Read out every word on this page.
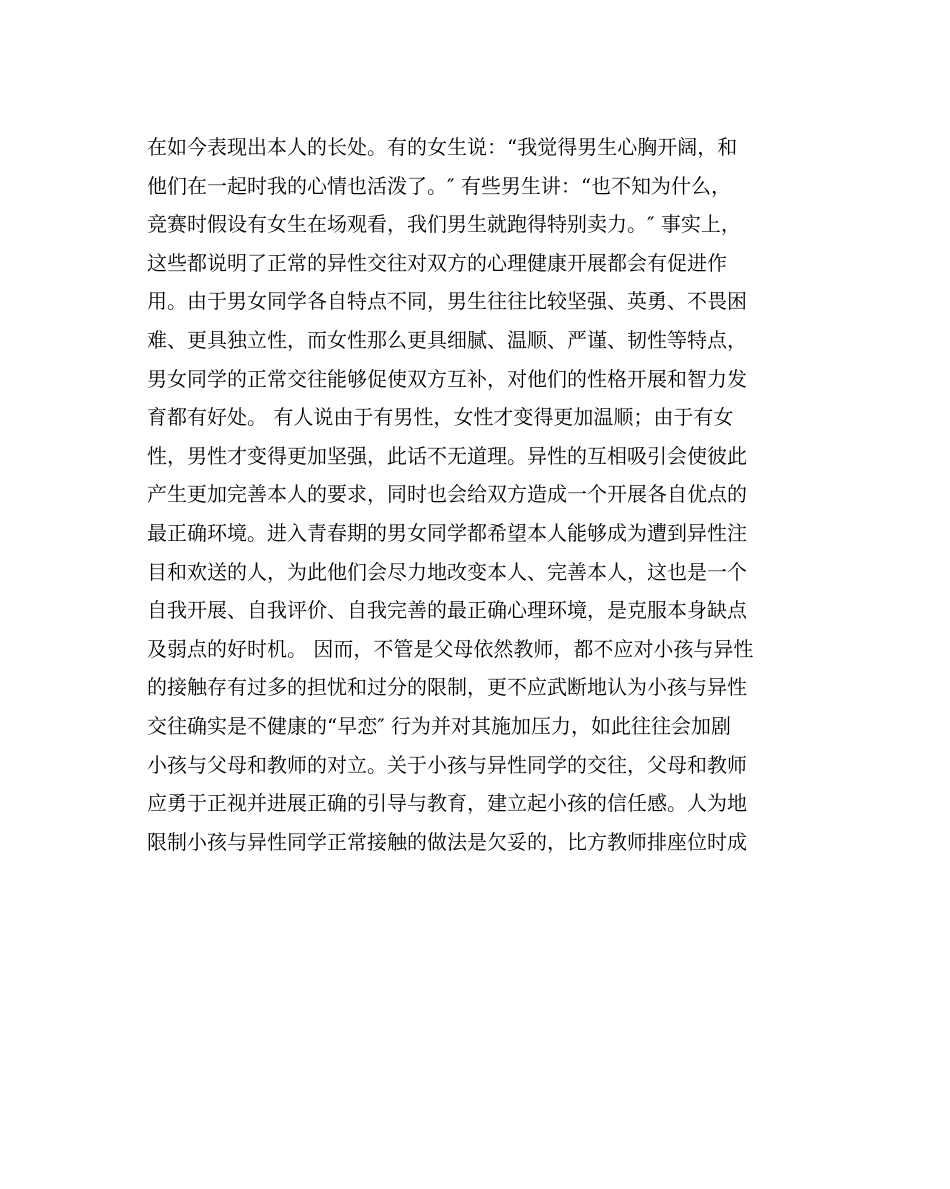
在如今表现出本人的长处。有的女生说：“我觉得男生心胸开阔，和
他们在一起时我的心情也活泼了。″ 有些男生讲：“也不知为什么，
竞赛时假设有女生在场观看，我们男生就跑得特别卖力。″ 事实上，
这些都说明了正常的异性交往对双方的心理健康开展都会有促进作
用。由于男女同学各自特点不同，男生往往比较坚强、英勇、不畏困
难、更具独立性，而女性那么更具细腻、温顺、严谨、韧性等特点，
男女同学的正常交往能够促使双方互补，对他们的性格开展和智力发
育都有好处。 有人说由于有男性，女性才变得更加温顺；由于有女
性，男性才变得更加坚强，此话不无道理。异性的互相吸引会使彼此
产生更加完善本人的要求，同时也会给双方造成一个开展各自优点的
最正确环境。进入青春期的男女同学都希望本人能够成为遭到异性注
目和欢送的人，为此他们会尽力地改变本人、完善本人，这也是一个
自我开展、自我评价、自我完善的最正确心理环境，是克服本身缺点
及弱点的好时机。 因而，不管是父母依然教师，都不应对小孩与异性
的接触存有过多的担忧和过分的限制，更不应武断地认为小孩与异性
交往确实是不健康的“早恋″ 行为并对其施加压力，如此往往会加剧
小孩与父母和教师的对立。关于小孩与异性同学的交往，父母和教师
应勇于正视并进展正确的引导与教育，建立起小孩的信任感。人为地
限制小孩与异性同学正常接触的做法是欠妥的，比方教师排座位时成
